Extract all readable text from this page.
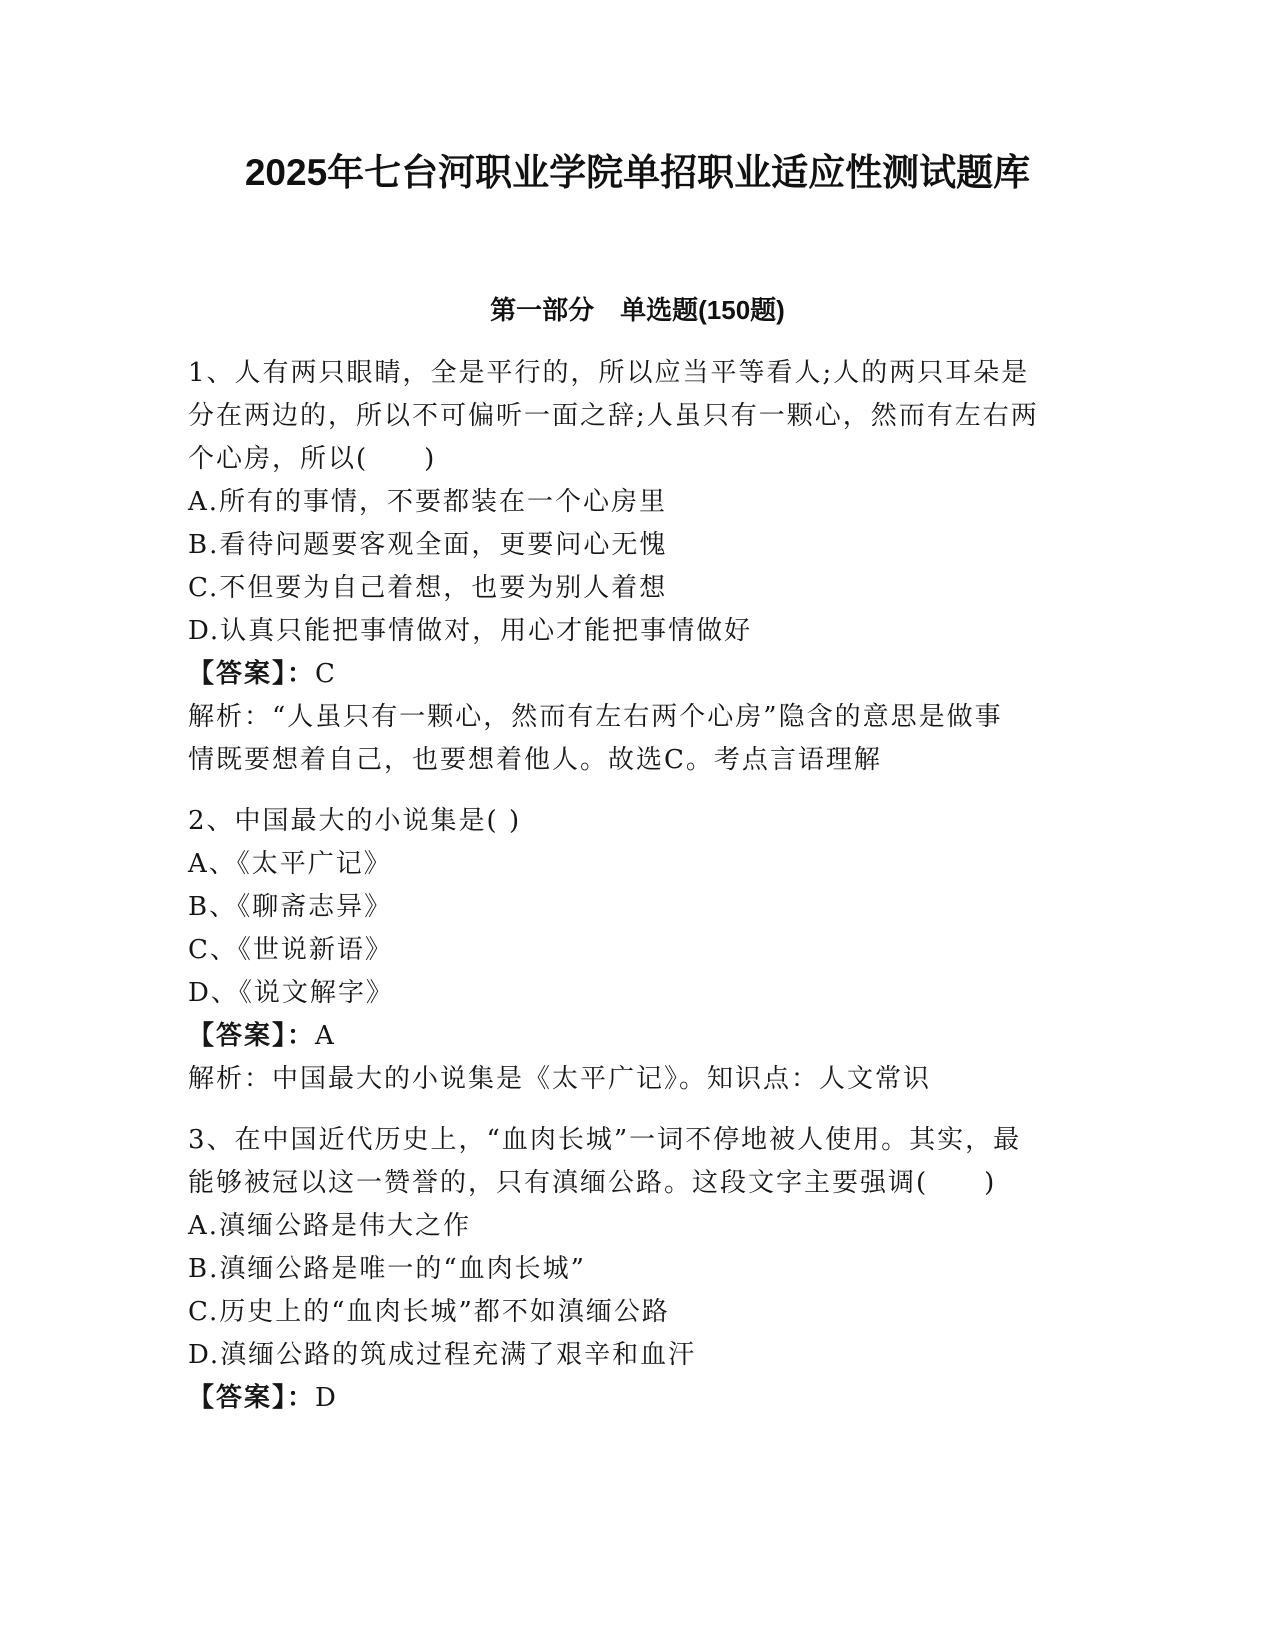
2025年七台河职业学院单招职业适应性测试题库
第一部分　单选题(150题)
1、人有两只眼睛，全是平行的，所以应当平等看人;人的两只耳朵是
分在两边的，所以不可偏听一面之辞;人虽只有一颗心，然而有左右两
个心房，所以(　　)
A.所有的事情，不要都装在一个心房里
B.看待问题要客观全面，更要问心无愧
C.不但要为自己着想，也要为别人着想
D.认真只能把事情做对，用心才能把事情做好
【答案】：C
解析：“人虽只有一颗心，然而有左右两个心房”隐含的意思是做事
情既要想着自己，也要想着他人。故选C。考点言语理解
2、中国最大的小说集是( )
A、《太平广记》
B、《聊斋志异》
C、《世说新语》
D、《说文解字》
【答案】：A
解析：中国最大的小说集是《太平广记》。知识点：人文常识
3、在中国近代历史上，“血肉长城”一词不停地被人使用。其实，最
能够被冠以这一赞誉的，只有滇缅公路。这段文字主要强调(　　)
A.滇缅公路是伟大之作
B.滇缅公路是唯一的“血肉长城”
C.历史上的“血肉长城”都不如滇缅公路
D.滇缅公路的筑成过程充满了艰辛和血汗
【答案】：D
